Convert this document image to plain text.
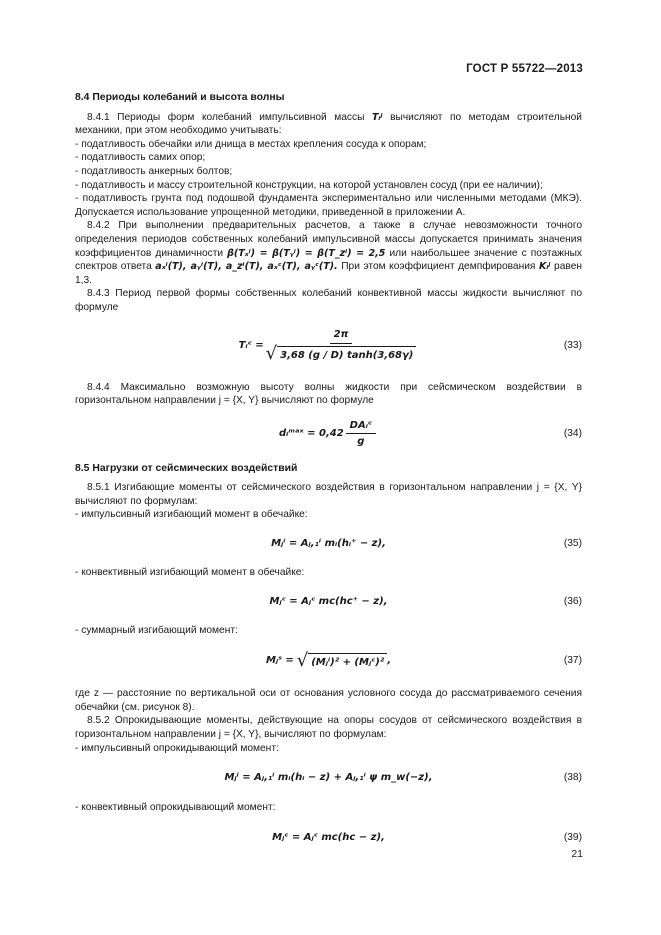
ГОСТ Р 55722—2013
8.4 Периоды колебаний и высота волны

8.4.1 Периоды форм колебаний импульсивной массы Tᵢʲ вычисляют по методам строительной механики, при этом необходимо учитывать:

- податливость обечайки или днища в местах крепления сосуда к опорам;

- податливость самих опор;

- податливость анкерных болтов;

- податливость и массу строительной конструкции, на которой установлен сосуд (при ее наличии);

- податливость грунта под подошвой фундамента экспериментально или численными методами (МКЭ). Допускается использование упрощенной методики, приведенной в приложении А.

8.4.2 При выполнении предварительных расчетов, а также в случае невозможности точного определения периодов собственных колебаний импульсивной массы допускается принимать значения коэффициентов динамичности β(Tₓⁱ) = β(Tᵧⁱ) = β(T_zⁱ) = 2,5 или наибольшее значение с поэтажных спектров ответа aₓⁱ(T), aᵧⁱ(T), a_zⁱ(T), aₓᶜ(T), aᵧᶜ(T). При этом коэффициент демпфирования Kᵢʲ равен 1,3.

8.4.3 Период первой формы собственных колебаний конвективной массы жидкости вычисляют по формуле

Tᵢᶜ = $\frac{2\pi}{√ 3,68 (g / D) \tanh(3,68\gamma)}$	(33)

8.4.4 Максимально возможную высоту волны жидкости при сейсмическом воздействии в горизонтальном направлении j = {X, Y} вычисляют по формуле

dᵢᵐᵃˣ = $0,42 \frac{\text{DAᵢᶜ}}{g}$	(34)
8.5 Нагрузки от сейсмических воздействий

8.5.1 Изгибающие моменты от сейсмического воздействия в горизонтальном направлении j = {X, Y} вычисляют по формулам:

- импульсивный изгибающий момент в обечайке:

Mⱼⁱ = Aⱼ,₁ⁱ mᵢ(hᵢ⁺ − z),	(35)

- конвективный изгибающий момент в обечайке:

Mⱼᶜ = Aⱼᶜ mc(hc⁺ − z),	(36)

- суммарный изгибающий момент:

Mⱼˢ = √ (Mⱼⁱ)² + (Mⱼᶜ)² ,	(37)

где z — расстояние по вертикальной оси от основания условного сосуда до рассматриваемого сечения обечайки (см. рисунок 8).

8.5.2 Опрокидывающие моменты, действующие на опоры сосудов от сейсмического воздействия в горизонтальном направлении j = {X, Y}, вычисляют по формулам:

- импульсивный опрокидывающий момент:

Mⱼⁱ = Aⱼ,₁ⁱ mᵢ(hᵢ − z) + Aⱼ,₁ⁱ ψ m_w(−z),	(38)

- конвективный опрокидывающий момент:

Mⱼᶜ = Aⱼᶜ mc(hc − z),	(39)
21
